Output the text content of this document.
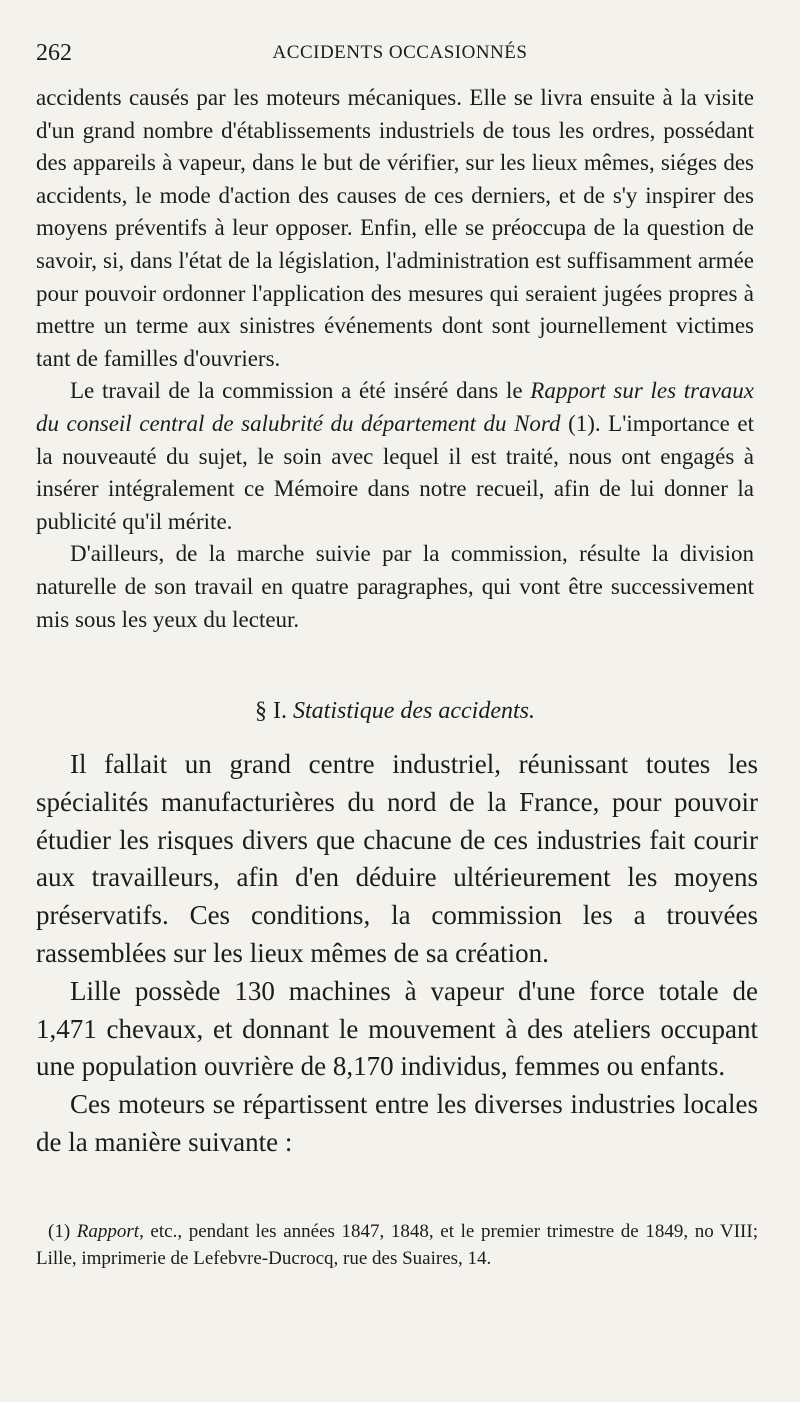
262	ACCIDENTS OCCASIONNÉS

accidents causés par les moteurs mécaniques. Elle se livra ensuite à la visite d'un grand nombre d'établissements industriels de tous les ordres, possédant des appareils à vapeur, dans le but de vérifier, sur les lieux mêmes, siéges des accidents, le mode d'action des causes de ces derniers, et de s'y inspirer des moyens préventifs à leur opposer. Enfin, elle se préoccupa de la question de savoir, si, dans l'état de la législation, l'administration est suffisamment armée pour pouvoir ordonner l'application des mesures qui seraient jugées propres à mettre un terme aux sinistres événements dont sont journellement victimes tant de familles d'ouvriers.

Le travail de la commission a été inséré dans le Rapport sur les travaux du conseil central de salubrité du département du Nord (1). L'importance et la nouveauté du sujet, le soin avec lequel il est traité, nous ont engagés à insérer intégralement ce Mémoire dans notre recueil, afin de lui donner la publicité qu'il mérite.

D'ailleurs, de la marche suivie par la commission, résulte la division naturelle de son travail en quatre paragraphes, qui vont être successivement mis sous les yeux du lecteur.

§ I. Statistique des accidents.

Il fallait un grand centre industriel, réunissant toutes les spécialités manufacturières du nord de la France, pour pouvoir étudier les risques divers que chacune de ces industries fait courir aux travailleurs, afin d'en déduire ultérieurement les moyens préservatifs. Ces conditions, la commission les a trouvées rassemblées sur les lieux mêmes de sa création.

Lille possède 130 machines à vapeur d'une force totale de 1,471 chevaux, et donnant le mouvement à des ateliers occupant une population ouvrière de 8,170 individus, femmes ou enfants.

Ces moteurs se répartissent entre les diverses industries locales de la manière suivante :

(1) Rapport, etc., pendant les années 1847, 1848, et le premier trimestre de 1849, no VIII; Lille, imprimerie de Lefebvre-Ducrocq, rue des Suaires, 14.
